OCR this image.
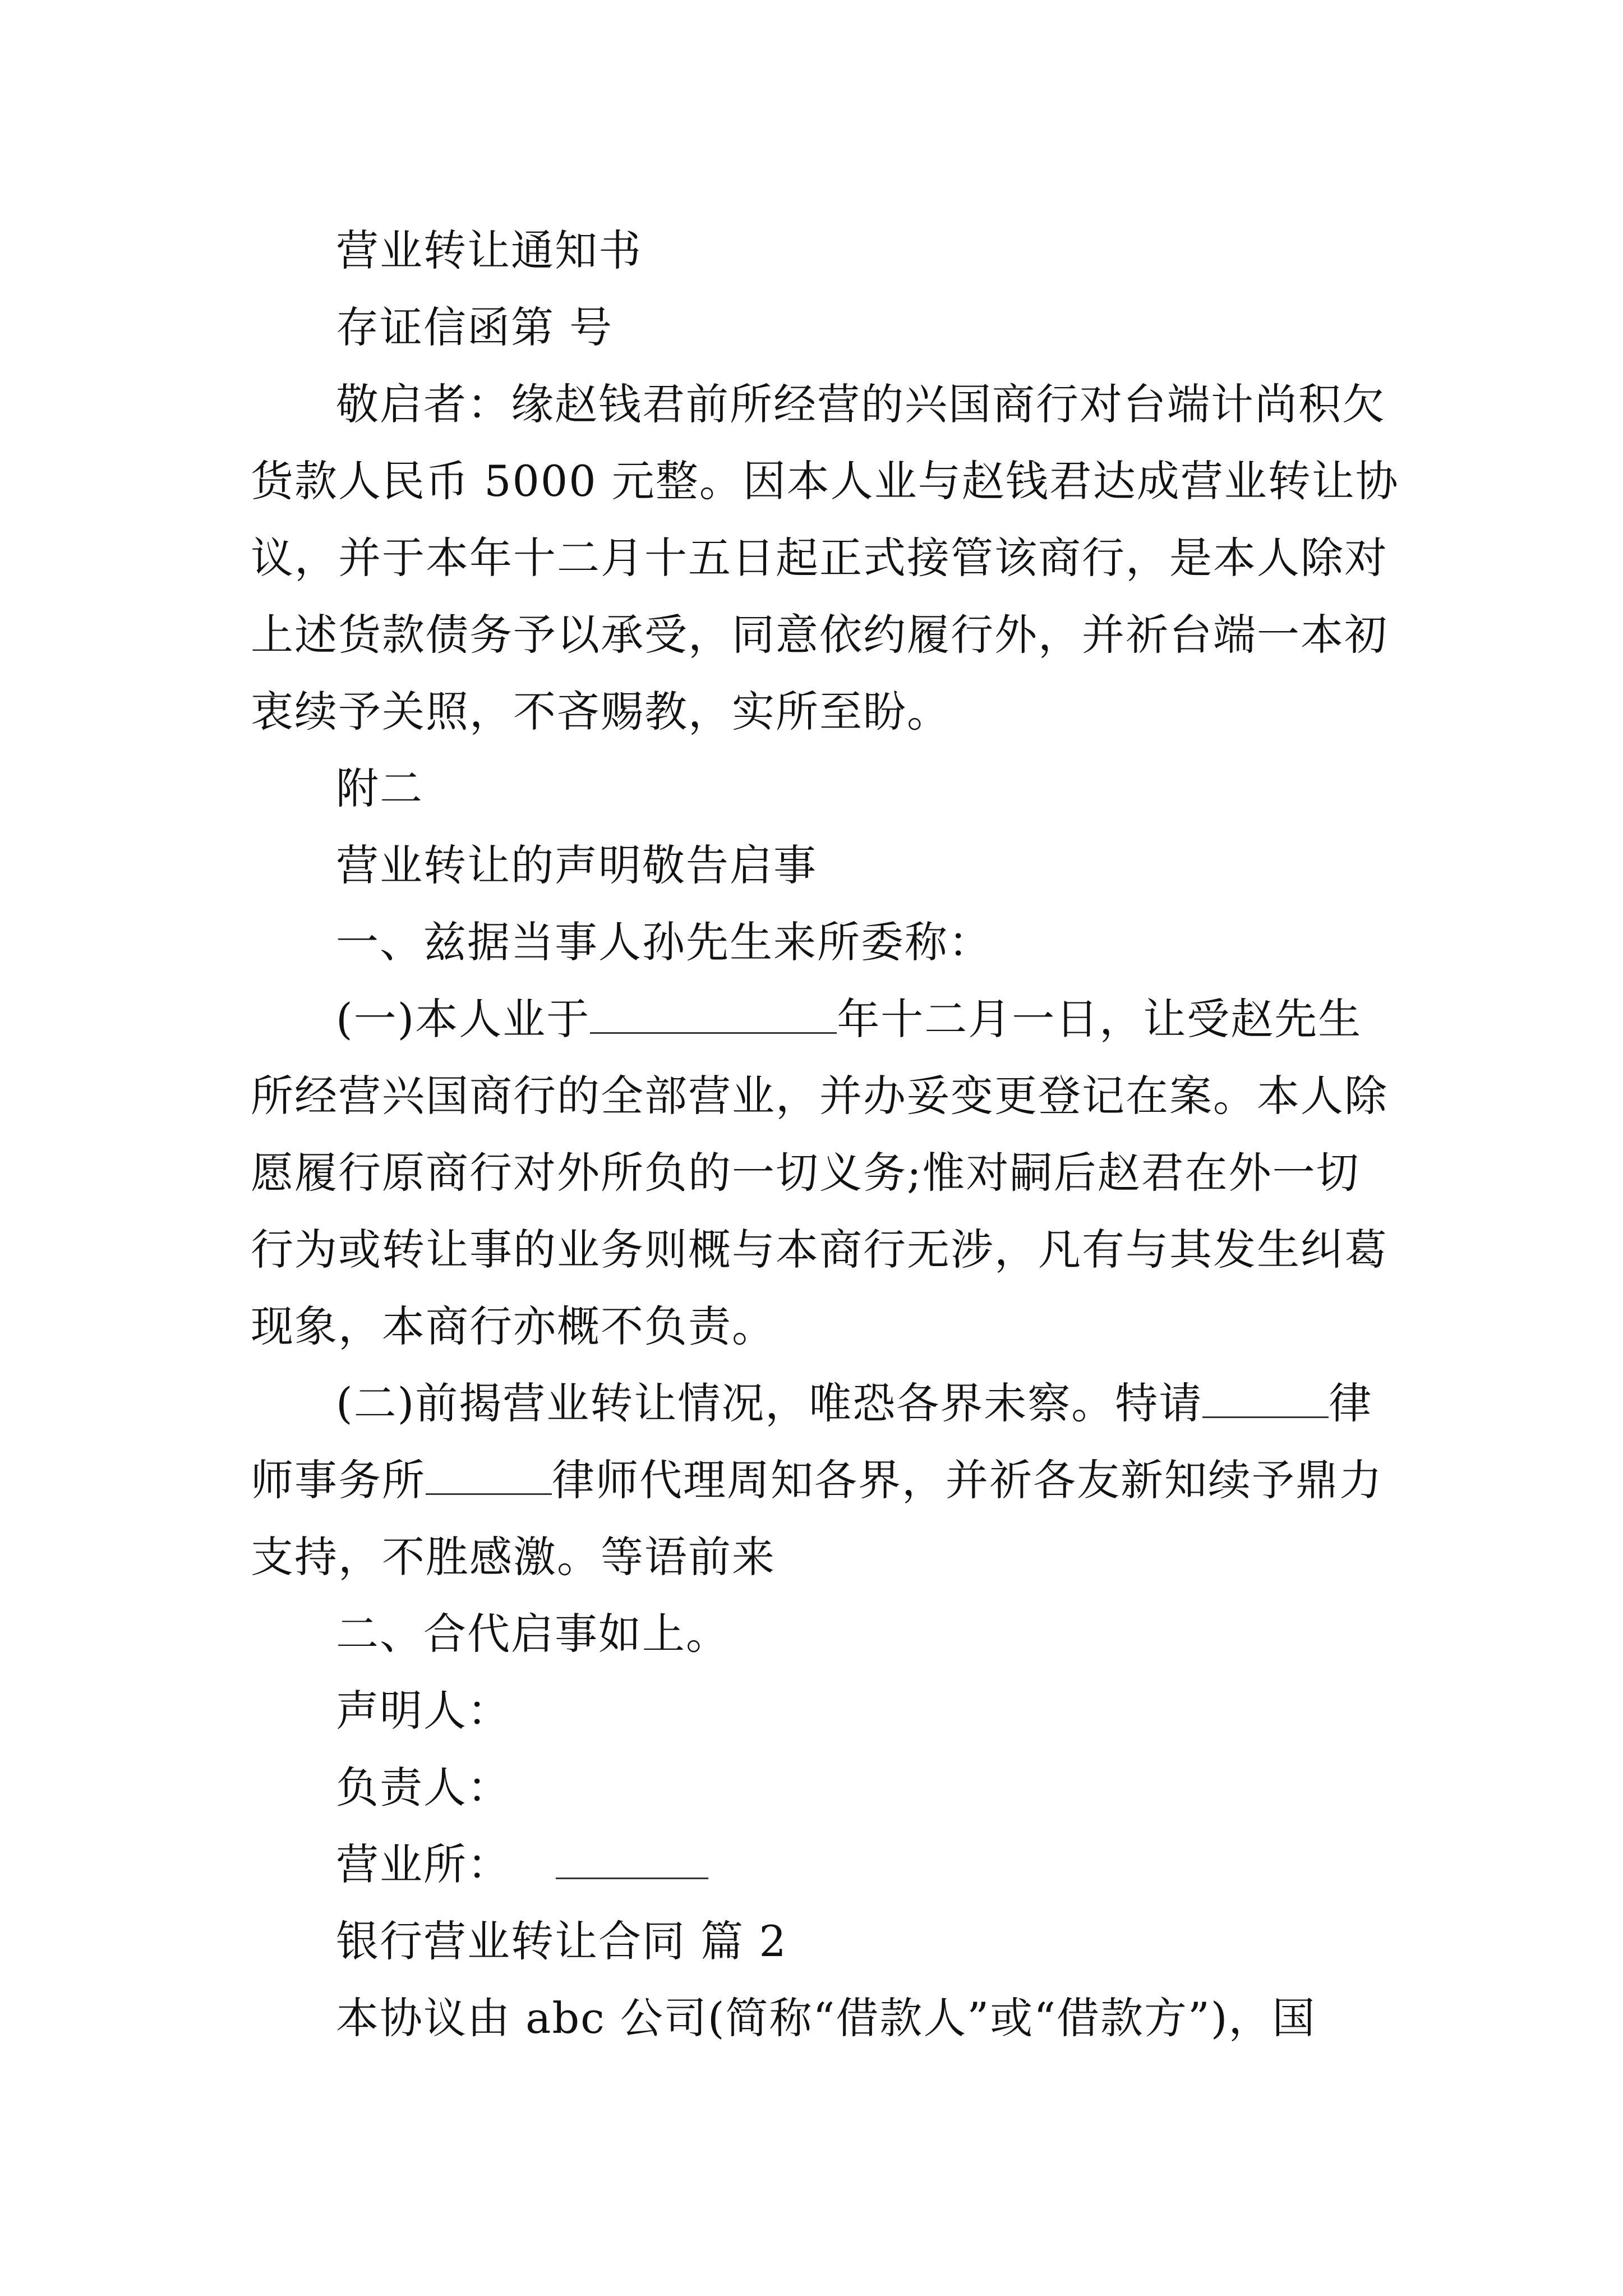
营业转让通知书
存证信函第 号
敬启者：缘赵钱君前所经营的兴国商行对台端计尚积欠
货款人民币 5000 元整。因本人业与赵钱君达成营业转让协
议，并于本年十二月十五日起正式接管该商行，是本人除对
上述货款债务予以承受，同意依约履行外，并祈台端一本初
衷续予关照，不吝赐教，实所至盼。
附二
营业转让的声明敬告启事
一、兹据当事人孙先生来所委称：
(一)本人业于	年十二月一日，让受赵先生
所经营兴国商行的全部营业，并办妥变更登记在案。本人除
愿履行原商行对外所负的一切义务;惟对嗣后赵君在外一切
行为或转让事的业务则概与本商行无涉，凡有与其发生纠葛
现象，本商行亦概不负责。
(二)前揭营业转让情况，唯恐各界未察。特请	律
师事务所	律师代理周知各界，并祈各友新知续予鼎力
支持，不胜感激。等语前来
二、合代启事如上。
声明人：
负责人：
营业所：
银行营业转让合同 篇 2
本协议由 abc 公司(简称“借款人”或“借款方”)，国
